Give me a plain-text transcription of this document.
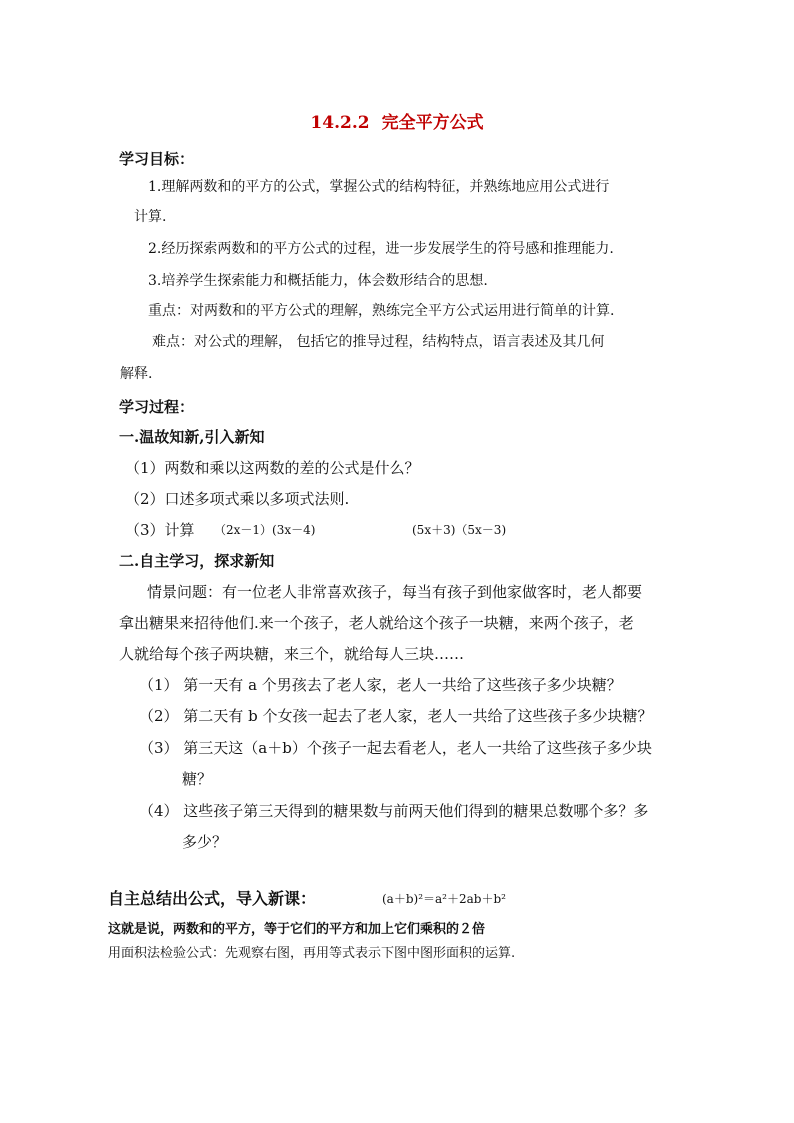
14.2.2 完全平方公式
学习目标：
1.理解两数和的平方的公式，掌握公式的结构特征，并熟练地应用公式进行
计算.
2.经历探索两数和的平方公式的过程，进一步发展学生的符号感和推理能力.
3.培养学生探索能力和概括能力，体会数形结合的思想.
重点：对两数和的平方公式的理解，熟练完全平方公式运用进行简单的计算.
难点：对公式的理解， 包括它的推导过程，结构特点，语言表述及其几何
解释.
学习过程：
一.温故知新,引入新知
（1）两数和乘以这两数的差的公式是什么？
（2）口述多项式乘以多项式法则.
（3）计算 （2x－1）(3x－4)	(5x＋3)（5x－3)
二.自主学习，探求新知
情景问题：有一位老人非常喜欢孩子，每当有孩子到他家做客时，老人都要
拿出糖果来招待他们.来一个孩子，老人就给这个孩子一块糖，来两个孩子，老
人就给每个孩子两块糖，来三个，就给每人三块……
（1） 第一天有 a 个男孩去了老人家，老人一共给了这些孩子多少块糖？
（2） 第二天有 b 个女孩一起去了老人家，老人一共给了这些孩子多少块糖？
（3） 第三天这（a＋b）个孩子一起去看老人，老人一共给了这些孩子多少块
糖？
（4） 这些孩子第三天得到的糖果数与前两天他们得到的糖果总数哪个多？多
多少？
自主总结出公式，导入新课：	(a＋b)²＝a²＋2ab＋b²
这就是说，两数和的平方，等于它们的平方和加上它们乘积的２倍
用面积法检验公式：先观察右图，再用等式表示下图中图形面积的运算.
